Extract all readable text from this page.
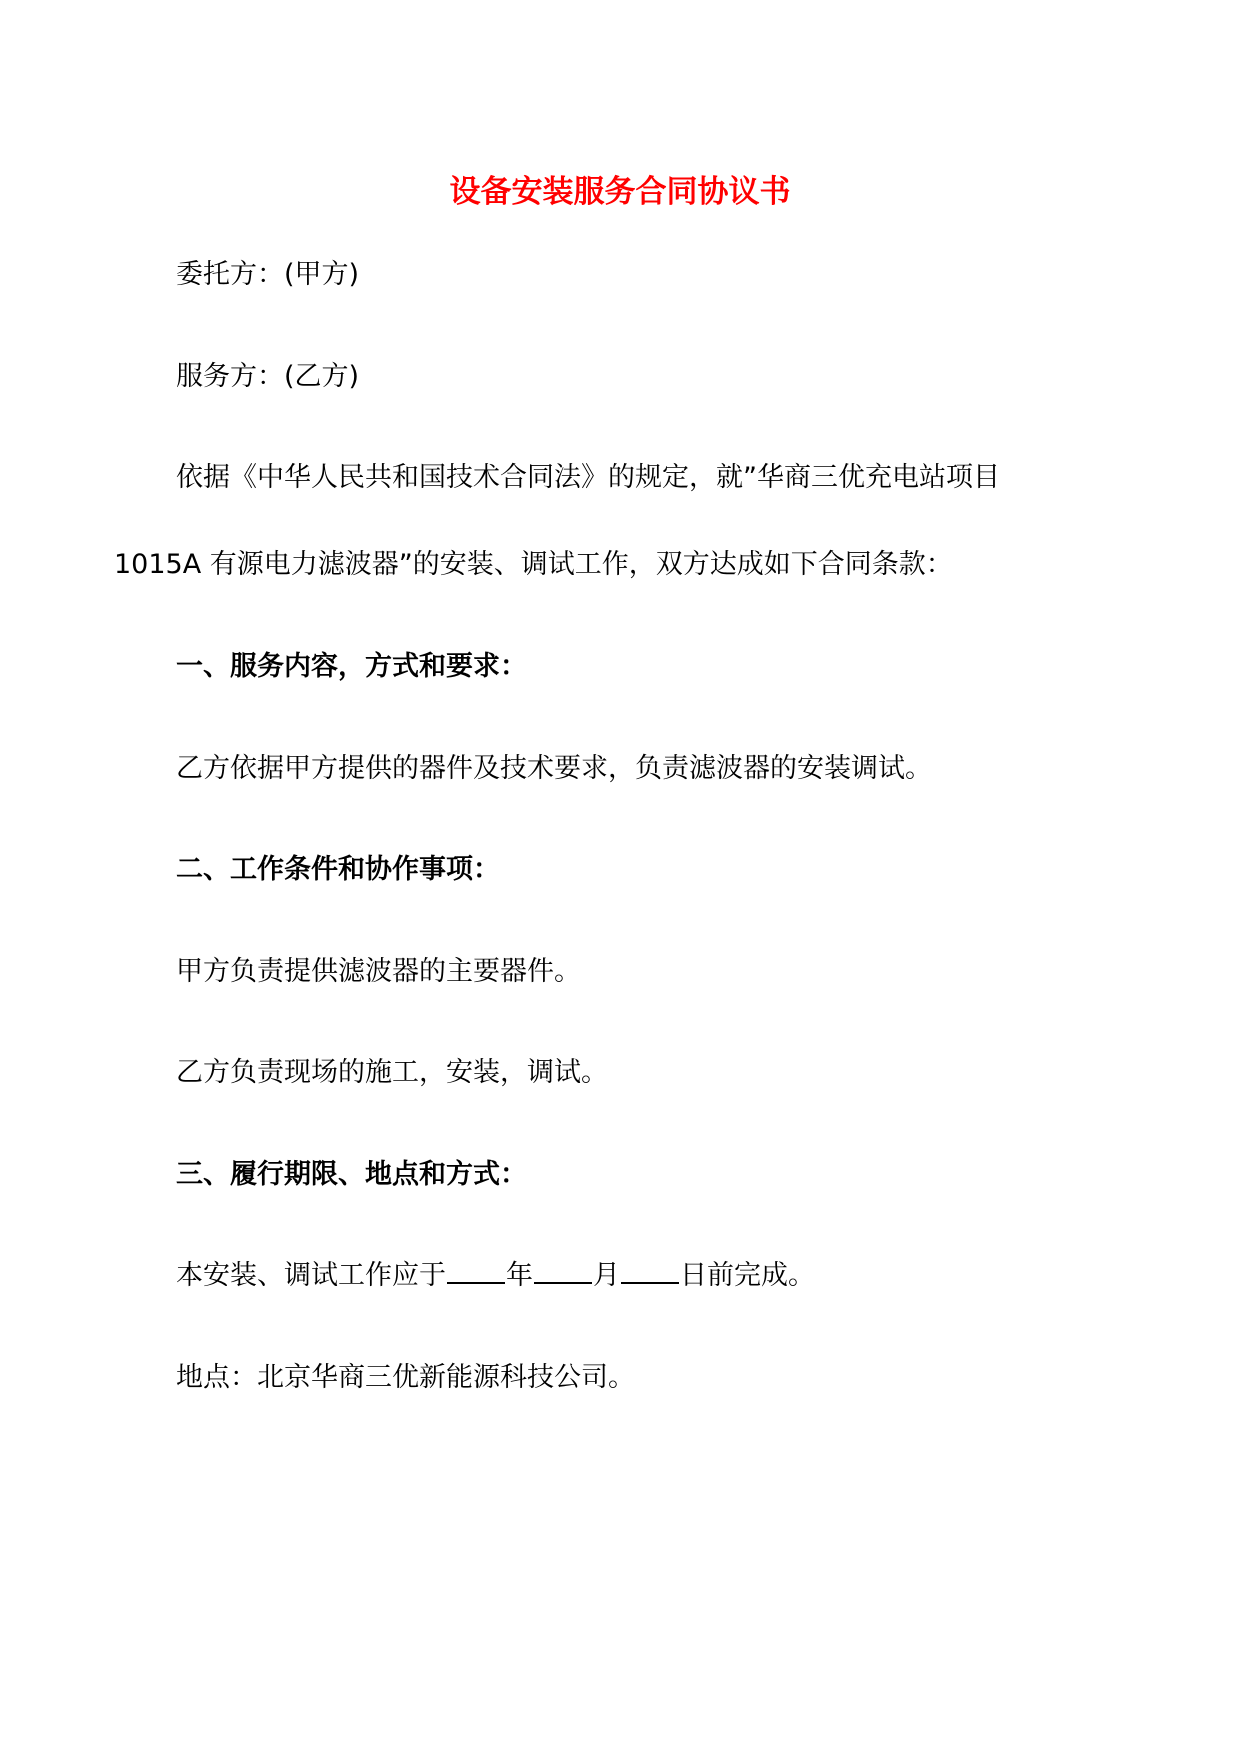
设备安装服务合同协议书
委托方：(甲方)
服务方：(乙方)
依据《中华人民共和国技术合同法》的规定，就”华商三优充电站项目
1015A 有源电力滤波器”的安装、调试工作，双方达成如下合同条款：
一、服务内容，方式和要求：
乙方依据甲方提供的器件及技术要求，负责滤波器的安装调试。
二、工作条件和协作事项：
甲方负责提供滤波器的主要器件。
乙方负责现场的施工，安装，调试。
三、履行期限、地点和方式：
本安装、调试工作应于 年 月 日前完成。
地点：北京华商三优新能源科技公司。
